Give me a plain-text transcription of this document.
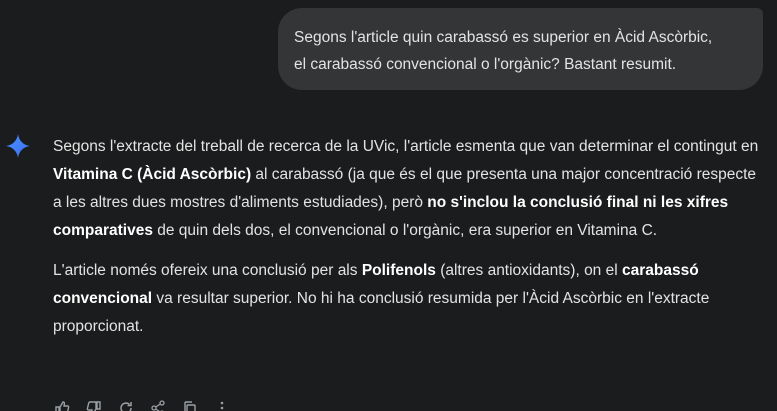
Segons l'article quin carabassó es superior en Àcid Ascòrbic,
el carabassó convencional o l'orgànic? Bastant resumit.

Segons l'extracte del treball de recerca de la UVic, l'article esmenta que van determinar el contingut en Vitamina C (Àcid Ascòrbic) al carabassó (ja que és el que presenta una major concentració respecte a les altres dues mostres d'aliments estudiades), però no s'inclou la conclusió final ni les xifres comparatives de quin dels dos, el convencional o l'orgànic, era superior en Vitamina C.

L'article només ofereix una conclusió per als Polifenols (altres antioxidants), on el carabassó convencional va resultar superior. No hi ha conclusió resumida per l'Àcid Ascòrbic en l'extracte proporcionat.
